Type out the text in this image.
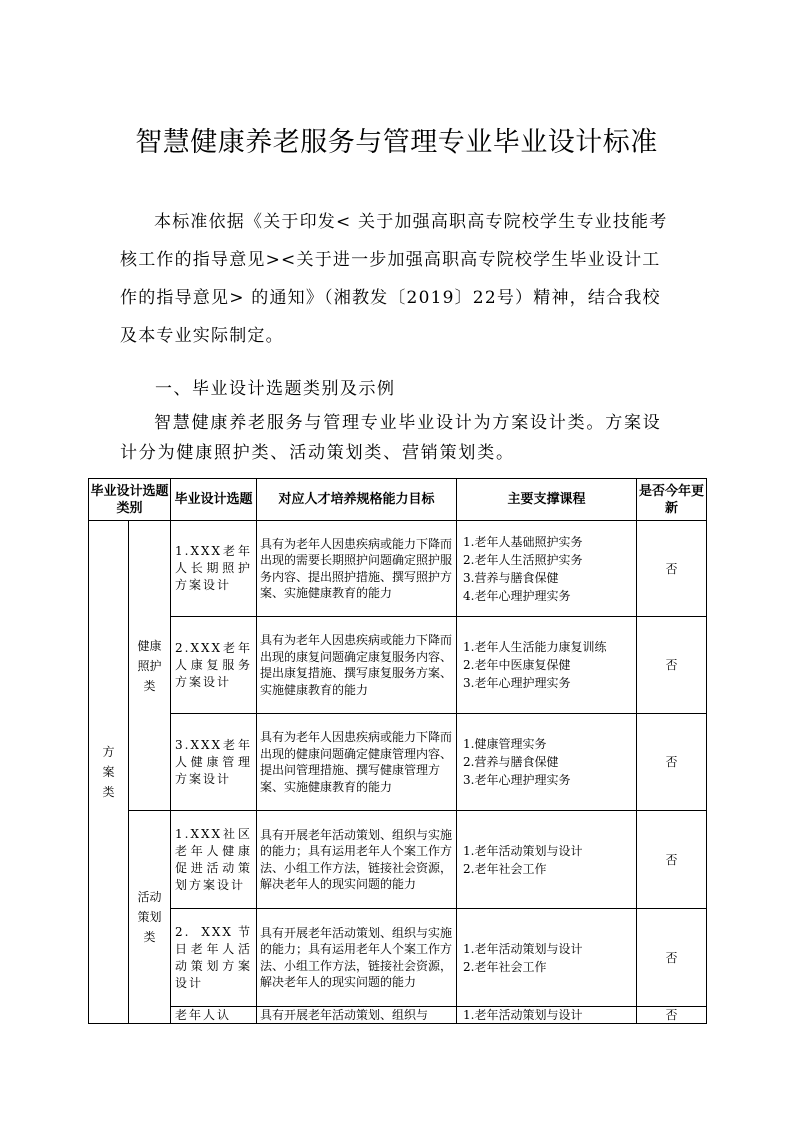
智慧健康养老服务与管理专业毕业设计标准

本标准依据《关于印发< 关于加强高职高专院校学生专业技能考核工作的指导意见><关于进一步加强高职高专院校学生毕业设计工作的指导意见> 的通知》（湘教发〔2019〕22号）精神，结合我校及本专业实际制定。

一、毕业设计选题类别及示例

智慧健康养老服务与管理专业毕业设计为方案设计类。方案设计分为健康照护类、活动策划类、营销策划类。

毕业设计选题类别		毕业设计选题	对应人才培养规格能力目标	主要支撑课程	是否今年更新
方案类	健康照护类	1.XXX老年人长期照护方案设计	具有为老年人因患疾病或能力下降而出现的需要长期照护问题确定照护服务内容、提出照护措施、撰写照护方案、实施健康教育的能力	1.老年人基础照护实务
2.老年人生活照护实务
3.营养与膳食保健
4.老年心理护理实务	否
		2.XXX老年人康复服务方案设计	具有为老年人因患疾病或能力下降而出现的康复问题确定康复服务内容、提出康复措施、撰写康复服务方案、实施健康教育的能力	1.老年人生活能力康复训练
2.老年中医康复保健
3.老年心理护理实务	否
		3.XXX老年人健康管理方案设计	具有为老年人因患疾病或能力下降而出现的健康问题确定健康管理内容、提出问管理措施、撰写健康管理方案、实施健康教育的能力	1.健康管理实务
2.营养与膳食保健
3.老年心理护理实务	否
	活动策划类	1.XXX社区老年人健康促进活动策划方案设计	具有开展老年活动策划、组织与实施的能力；具有运用老年人个案工作方法、小组工作方法，链接社会资源，解决老年人的现实问题的能力	1.老年活动策划与设计
2.老年社会工作	否
		2. XXX节日老年人活动策划方案设计	具有开展老年活动策划、组织与实施的能力；具有运用老年人个案工作方法、小组工作方法，链接社会资源，解决老年人的现实问题的能力	1.老年活动策划与设计
2.老年社会工作	否
		老年人认	具有开展老年活动策划、组织与	1.老年活动策划与设计	否
